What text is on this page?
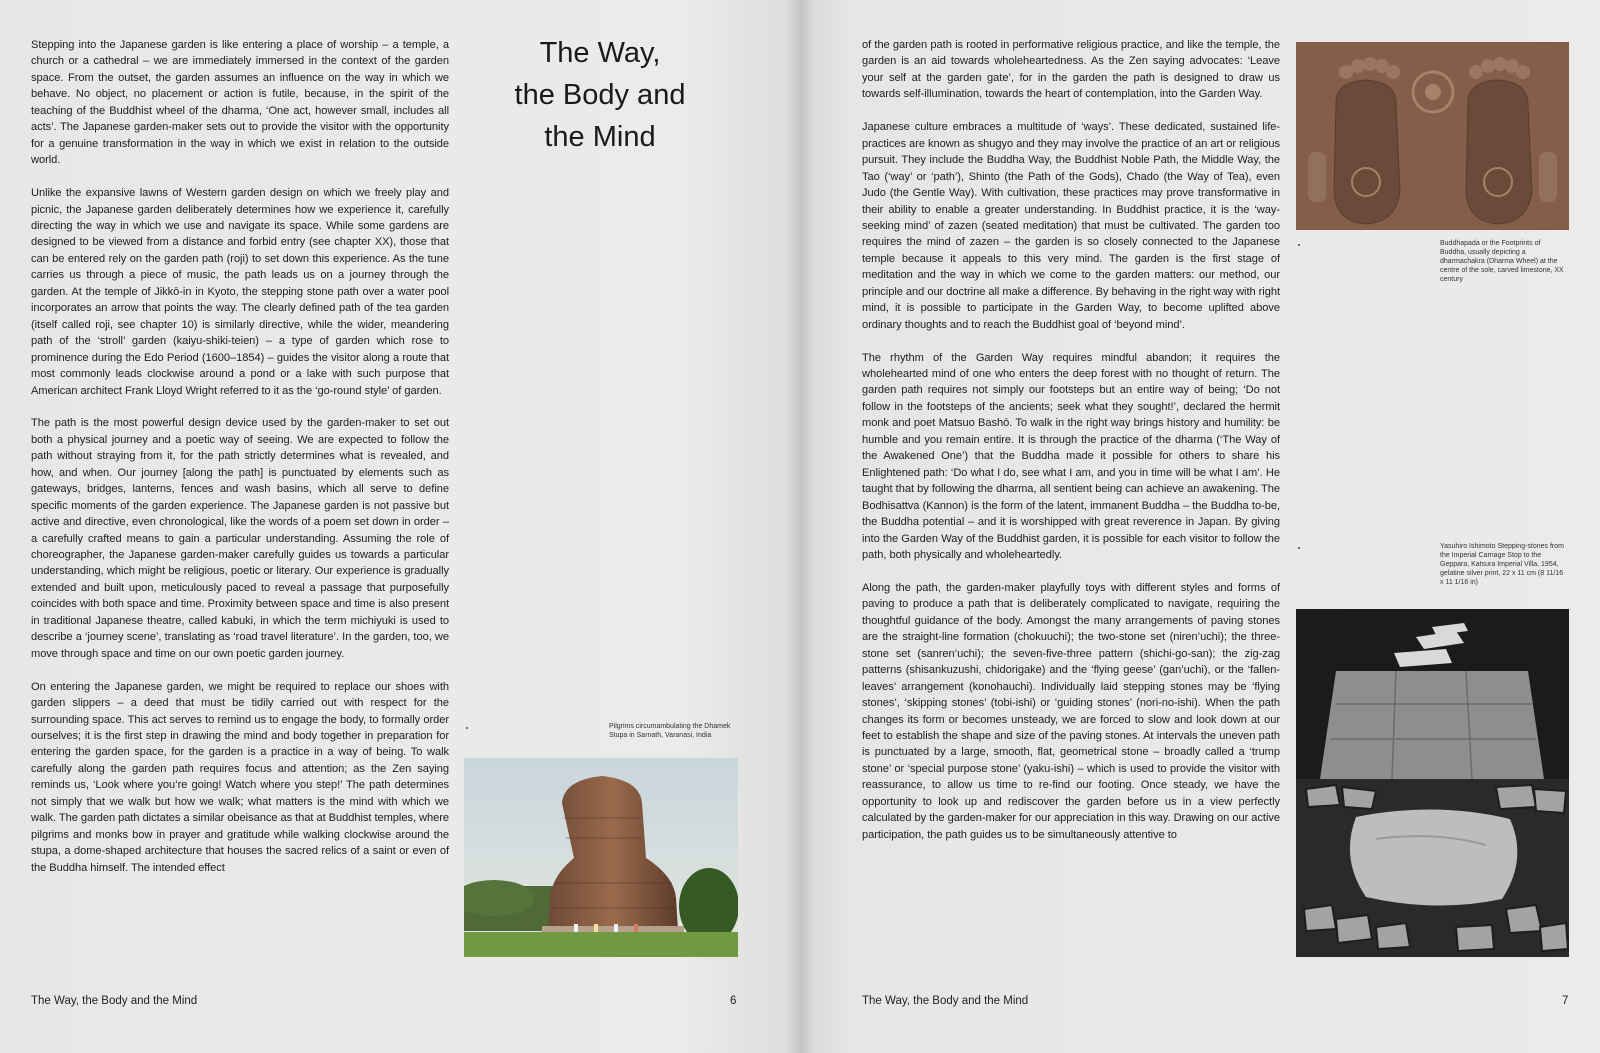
Stepping into the Japanese garden is like entering a place of worship – a temple, a church or a cathedral – we are immediately immersed in the context of the garden space. From the outset, the garden assumes an influence on the way in which we behave. No object, no placement or action is futile, because, in the spirit of the teaching of the Buddhist wheel of the dharma, ‘One act, however small, includes all acts’. The Japanese garden-maker sets out to provide the visitor with the opportunity for a genuine transformation in the way in which we exist in relation to the outside world.

Unlike the expansive lawns of Western garden design on which we freely play and picnic, the Japanese garden deliberately determines how we experience it, carefully directing the way in which we use and navigate its space. While some gardens are designed to be viewed from a distance and forbid entry (see chapter XX), those that can be entered rely on the garden path (roji) to set down this experience. As the tune carries us through a piece of music, the path leads us on a journey through the garden. At the temple of Jikkō-in in Kyoto, the stepping stone path over a water pool incorporates an arrow that points the way. The clearly defined path of the tea garden (itself called roji, see chapter 10) is similarly directive, while the wider, meandering path of the ‘stroll’ garden (kaiyu-shiki-teien) – a type of garden which rose to prominence during the Edo Period (1600–1854) – guides the visitor along a route that most commonly leads clockwise around a pond or a lake with such purpose that American architect Frank Lloyd Wright referred to it as the ‘go-round style’ of garden.

The path is the most powerful design device used by the garden-maker to set out both a physical journey and a poetic way of seeing. We are expected to follow the path without straying from it, for the path strictly determines what is revealed, and how, and when. Our journey [along the path] is punctuated by elements such as gateways, bridges, lanterns, fences and wash basins, which all serve to define specific moments of the garden experience. The Japanese garden is not passive but active and directive, even chronological, like the words of a poem set down in order – a carefully crafted means to gain a particular understanding. Assuming the role of choreographer, the Japanese garden-maker carefully guides us towards a particular understanding, which might be religious, poetic or literary. Our experience is gradually extended and built upon, meticulously paced to reveal a passage that purposefully coincides with both space and time. Proximity between space and time is also present in traditional Japanese theatre, called kabuki, in which the term michiyuki is used to describe a ‘journey scene’, translating as ‘road travel literature’. In the garden, too, we move through space and time on our own poetic garden journey.

On entering the Japanese garden, we might be required to replace our shoes with garden slippers – a deed that must be tidily carried out with respect for the surrounding space. This act serves to remind us to engage the body, to formally order ourselves; it is the first step in drawing the mind and body together in preparation for entering the garden space, for the garden is a practice in a way of being. To walk carefully along the garden path requires focus and attention; as the Zen saying reminds us, ‘Look where you’re going! Watch where you step!’ The path determines not simply that we walk but how we walk; what matters is the mind with which we walk. The garden path dictates a similar obeisance as that at Buddhist temples, where pilgrims and monks bow in prayer and gratitude while walking clockwise around the stupa, a dome-shaped architecture that houses the sacred relics of a saint or even of the Buddha himself. The intended effect

The Way,
the Body and
the Mind
Pilgrims circumambulating the Dhamek Stupa in Sarnath, Varanasi, India

of the garden path is rooted in performative religious practice, and like the temple, the garden is an aid towards wholeheartedness. As the Zen saying advocates: ‘Leave your self at the garden gate’, for in the garden the path is designed to draw us towards self-illumination, towards the heart of contemplation, into the Garden Way.

Japanese culture embraces a multitude of ‘ways’. These dedicated, sustained life-practices are known as shugyo and they may involve the practice of an art or religious pursuit. They include the Buddha Way, the Buddhist Noble Path, the Middle Way, the Tao (‘way’ or ‘path’), Shinto (the Path of the Gods), Chado (the Way of Tea), even Judo (the Gentle Way). With cultivation, these practices may prove transformative in their ability to enable a greater understanding. In Buddhist practice, it is the ‘way-seeking mind’ of zazen (seated meditation) that must be cultivated. The garden too requires the mind of zazen – the garden is so closely connected to the Japanese temple because it appeals to this very mind. The garden is the first stage of meditation and the way in which we come to the garden matters: our method, our principle and our doctrine all make a difference. By behaving in the right way with right mind, it is possible to participate in the Garden Way, to become uplifted above ordinary thoughts and to reach the Buddhist goal of ‘beyond mind’.

The rhythm of the Garden Way requires mindful abandon; it requires the wholehearted mind of one who enters the deep forest with no thought of return. The garden path requires not simply our footsteps but an entire way of being; ‘Do not follow in the footsteps of the ancients; seek what they sought!’, declared the hermit monk and poet Matsuo Bashō. To walk in the right way brings history and humility: be humble and you remain entire. It is through the practice of the dharma (‘The Way of the Awakened One’) that the Buddha made it possible for others to share his Enlightened path: ‘Do what I do, see what I am, and you in time will be what I am’. He taught that by following the dharma, all sentient being can achieve an awakening. The Bodhisattva (Kannon) is the form of the latent, immanent Buddha – the Buddha to-be, the Buddha potential – and it is worshipped with great reverence in Japan. By giving into the Garden Way of the Buddhist garden, it is possible for each visitor to follow the path, both physically and wholeheartedly.

Along the path, the garden-maker playfully toys with different styles and forms of paving to produce a path that is deliberately complicated to navigate, requiring the thoughtful guidance of the body. Amongst the many arrangements of paving stones are the straight-line formation (chokuuchi); the two-stone set (niren’uchi); the three-stone set (sanren’uchi); the seven-five-three pattern (shichi-go-san); the zig-zag patterns (shisankuzushi, chidorigake) and the ‘flying geese’ (gan’uchi), or the ‘fallen-leaves’ arrangement (konohauchi). Individually laid stepping stones may be ‘flying stones’, ‘skipping stones’ (tobi-ishi) or ‘guiding stones’ (nori-no-ishi). When the path changes its form or becomes unsteady, we are forced to slow and look down at our feet to establish the shape and size of the paving stones. At intervals the uneven path is punctuated by a large, smooth, flat, geometrical stone – broadly called a ‘trump stone’ or ‘special purpose stone’ (yaku-ishi) – which is used to provide the visitor with reassurance, to allow us time to re-find our footing. Once steady, we have the opportunity to look up and rediscover the garden before us in a view perfectly calculated by the garden-maker for our appreciation in this way. Drawing on our active participation, the path guides us to be simultaneously attentive to

Buddhapada or the Footprints of Buddha, usually depicting a dharmachakra (Dharma Wheel) at the centre of the sole, carved limestone, XX century
Yasuhiro Ishimoto Stepping-stones from the Imperial Carriage Stop to the Geppara, Katsura Imperial Villa, 1954, gelatine silver print, 22 x 11 cm (8 11/16 x 11 1/16 in)
The Way, the Body and the Mind	6	The Way, the Body and the Mind	7
